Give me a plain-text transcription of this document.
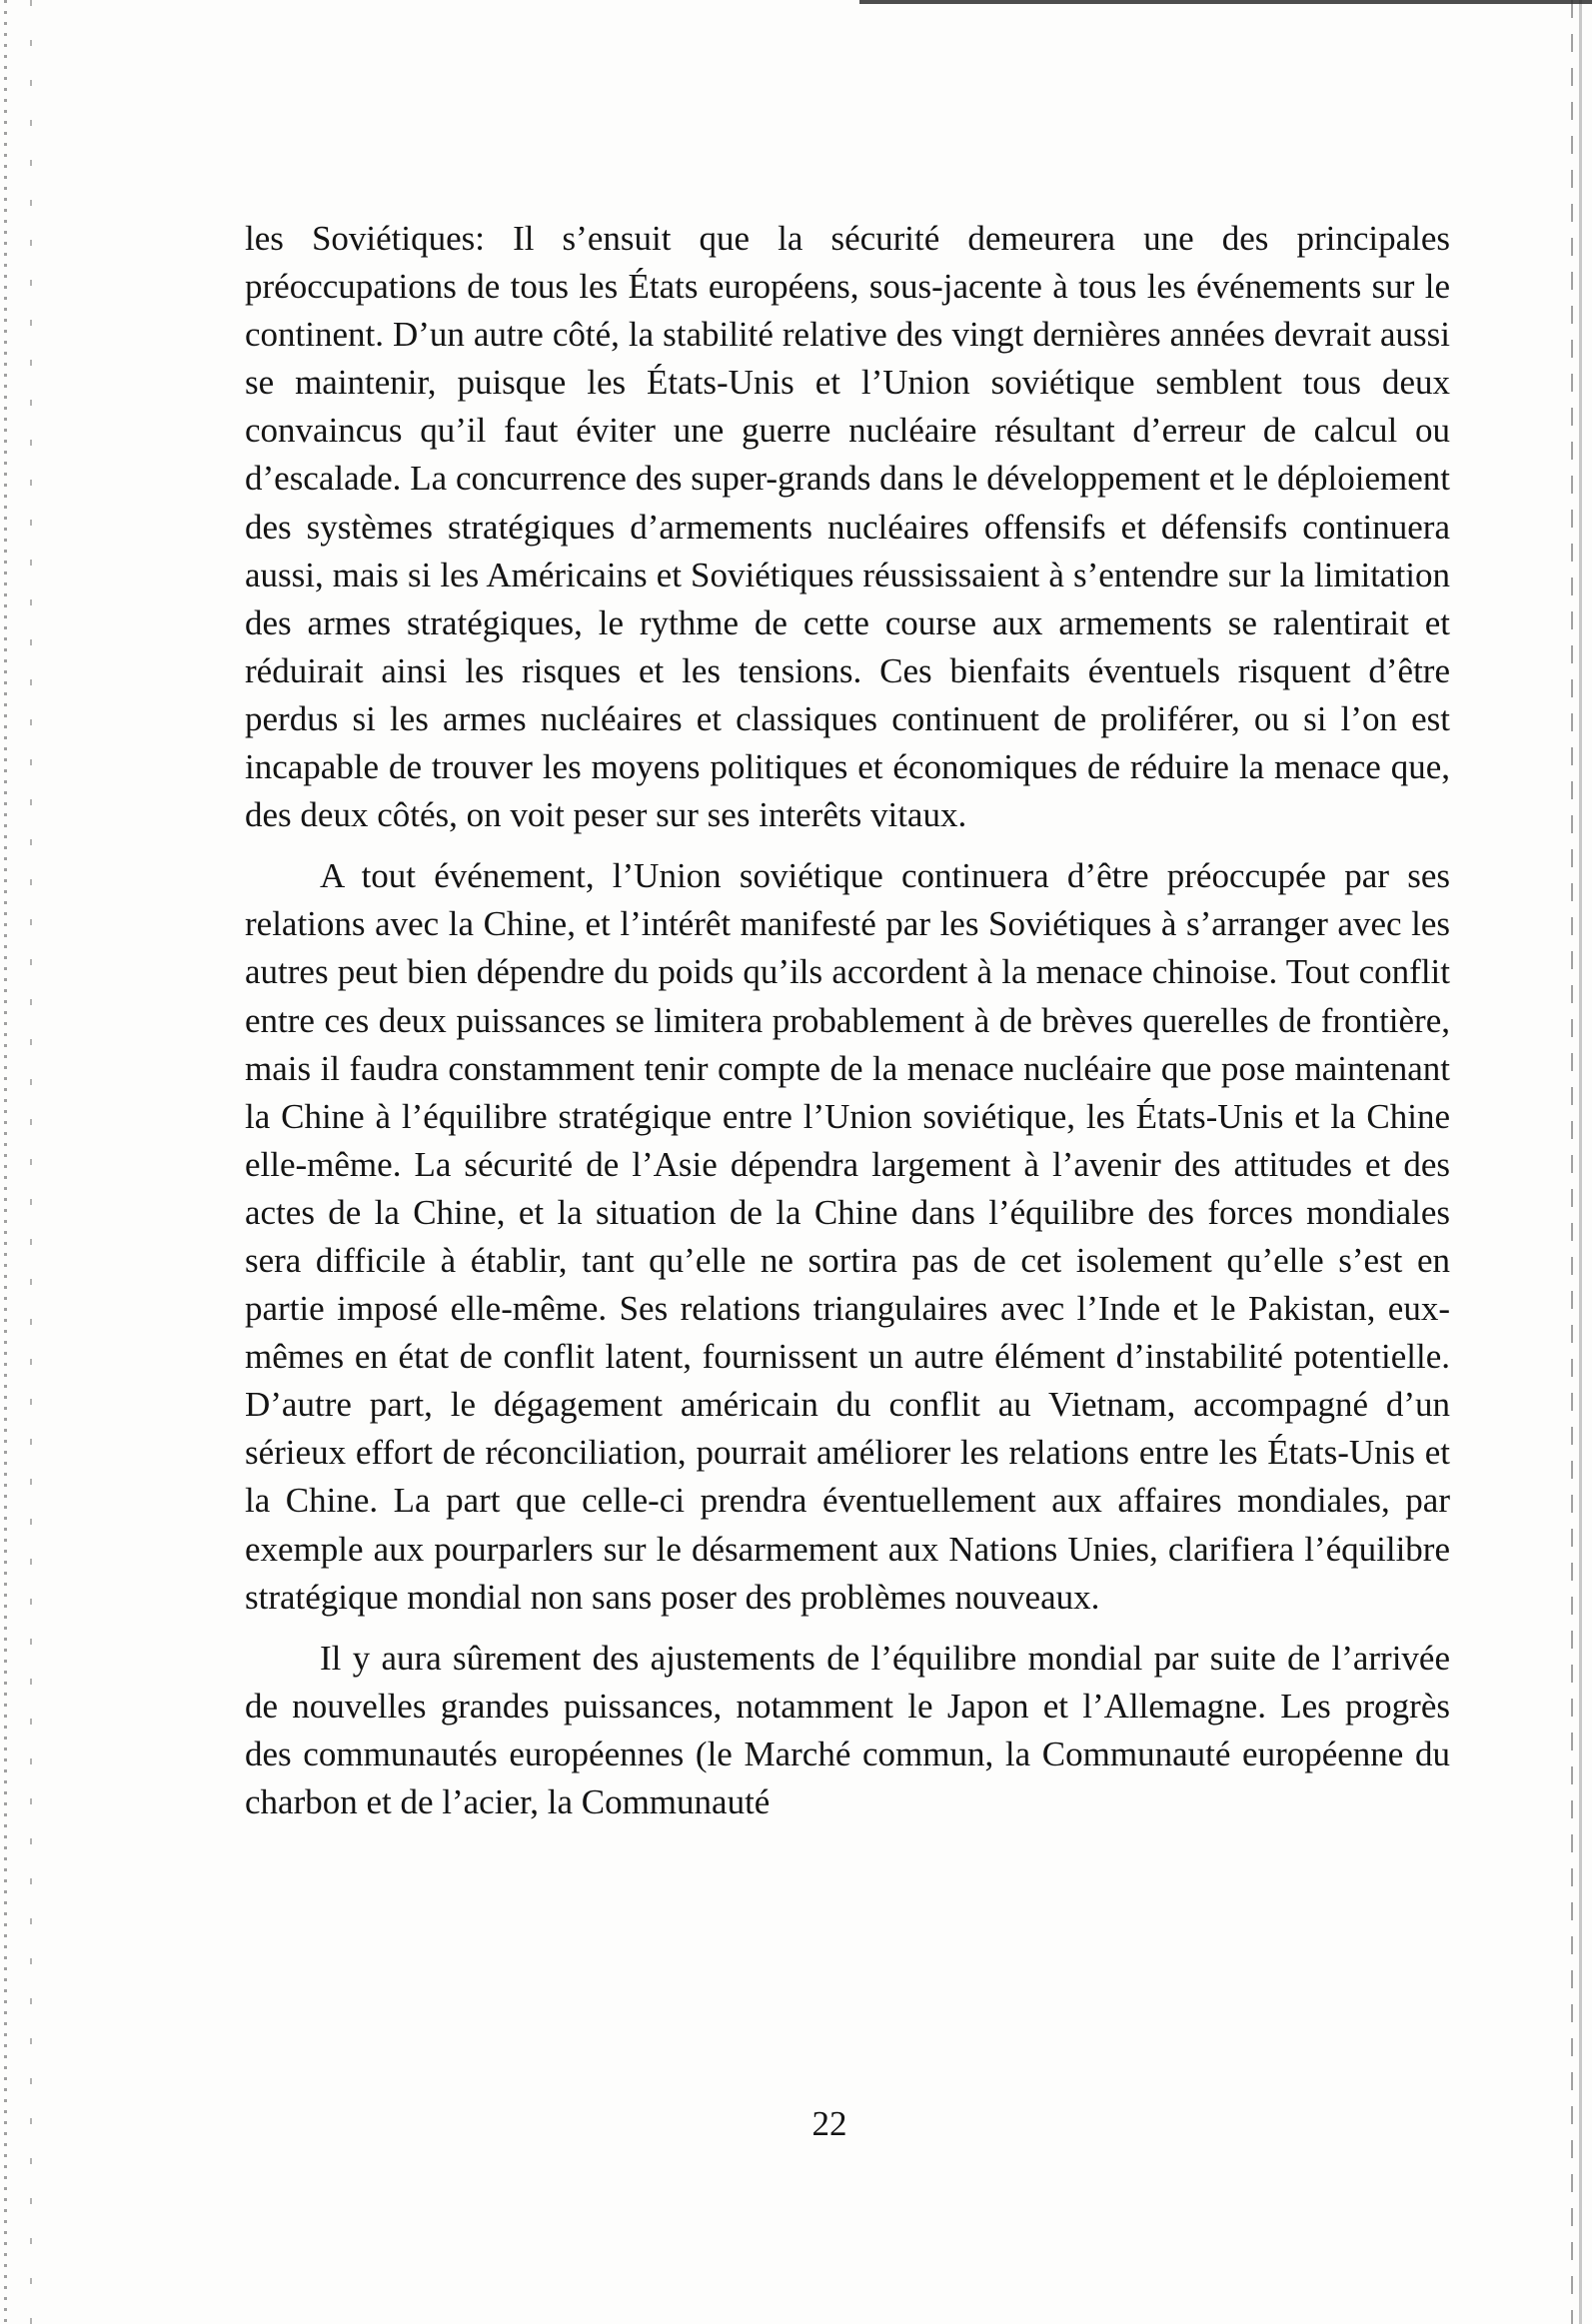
les Soviétiques: Il s’ensuit que la sécurité demeurera une des principales préoccupations de tous les États européens, sous-jacente à tous les événements sur le continent. D’un autre côté, la stabilité relative des vingt dernières années devrait aussi se maintenir, puisque les États-Unis et l’Union soviétique semblent tous deux convaincus qu’il faut éviter une guerre nucléaire résultant d’erreur de calcul ou d’escalade. La concurrence des super-grands dans le développement et le déploiement des systèmes stratégiques d’armements nucléaires offensifs et défensifs continuera aussi, mais si les Américains et Soviétiques réussissaient à s’entendre sur la limitation des armes stratégiques, le rythme de cette course aux armements se ralentirait et réduirait ainsi les risques et les tensions. Ces bienfaits éventuels risquent d’être perdus si les armes nucléaires et classiques continuent de proliférer, ou si l’on est incapable de trouver les moyens politiques et économiques de réduire la menace que, des deux côtés, on voit peser sur ses interêts vitaux.

A tout événement, l’Union soviétique continuera d’être préoccupée par ses relations avec la Chine, et l’intérêt manifesté par les Soviétiques à s’arranger avec les autres peut bien dépendre du poids qu’ils accordent à la menace chinoise. Tout conflit entre ces deux puissances se limitera probablement à de brèves querelles de frontière, mais il faudra constamment tenir compte de la menace nucléaire que pose maintenant la Chine à l’équilibre stratégique entre l’Union soviétique, les États-Unis et la Chine elle-même. La sécurité de l’Asie dépendra largement à l’avenir des attitudes et des actes de la Chine, et la situation de la Chine dans l’équilibre des forces mondiales sera difficile à établir, tant qu’elle ne sortira pas de cet isolement qu’elle s’est en partie imposé elle-même. Ses relations triangulaires avec l’Inde et le Pakistan, eux-mêmes en état de conflit latent, fournissent un autre élément d’instabilité potentielle. D’autre part, le dégagement américain du conflit au Vietnam, accompagné d’un sérieux effort de réconciliation, pourrait améliorer les relations entre les États-Unis et la Chine. La part que celle-ci prendra éventuellement aux affaires mondiales, par exemple aux pourparlers sur le désarmement aux Nations Unies, clarifiera l’équilibre stratégique mondial non sans poser des problèmes nouveaux.

Il y aura sûrement des ajustements de l’équilibre mondial par suite de l’arrivée de nouvelles grandes puissances, notamment le Japon et l’Allemagne. Les progrès des communautés européennes (le Marché commun, la Communauté européenne du charbon et de l’acier, la Communauté

22
